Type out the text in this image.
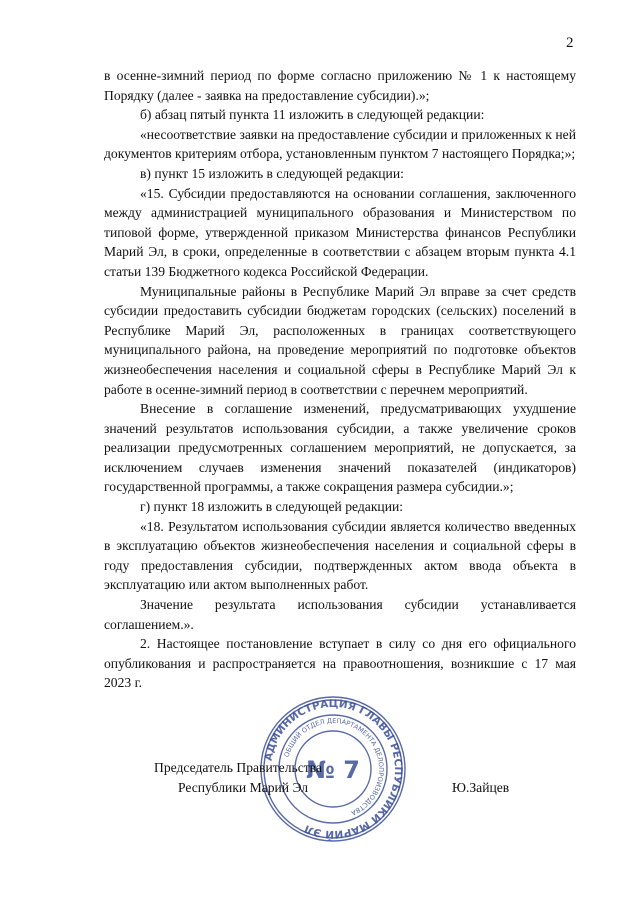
2

в осенне-зимний период по форме согласно приложению № 1 к настоящему Порядку (далее - заявка на предоставление субсидии).»;

б) абзац пятый пункта 11 изложить в следующей редакции:

«несоответствие заявки на предоставление субсидии и приложенных к ней документов критериям отбора, установленным пунктом 7 настоящего Порядка;»;

в) пункт 15 изложить в следующей редакции:

«15. Субсидии предоставляются на основании соглашения, заключенного между администрацией муниципального образования и Министерством по типовой форме, утвержденной приказом Министерства финансов Республики Марий Эл, в сроки, определенные в соответствии с абзацем вторым пункта 4.1 статьи 139 Бюджетного кодекса Российской Федерации.

Муниципальные районы в Республике Марий Эл вправе за счет средств субсидии предоставить субсидии бюджетам городских (сельских) поселений в Республике Марий Эл, расположенных в границах соответствующего муниципального района, на проведение мероприятий по подготовке объектов жизнеобеспечения населения и социальной сферы в Республике Марий Эл к работе в осенне-зимний период в соответствии с перечнем мероприятий.

Внесение в соглашение изменений, предусматривающих ухудшение значений результатов использования субсидии, а также увеличение сроков реализации предусмотренных соглашением мероприятий, не допускается, за исключением случаев изменения значений показателей (индикаторов) государственной программы, а также сокращения размера субсидии.»;

г) пункт 18 изложить в следующей редакции:

«18. Результатом использования субсидии является количество введенных в эксплуатацию объектов жизнеобеспечения населения и социальной сферы в году предоставления субсидии, подтвержденных актом ввода объекта в эксплуатацию или актом выполненных работ.

Значение результата использования субсидии устанавливается соглашением.».

2. Настоящее постановление вступает в силу со дня его официального опубликования и распространяется на правоотношения, возникшие с 17 мая 2023 г.

АДМИНИСТРАЦИЯ ГЛАВЫ РЕСПУБЛИКИ МАРИЙ ЭЛ
ОБЩИЙ ОТДЕЛ ДЕПАРТАМЕНТА ДЕЛОПРОИЗВОДСТВА
№ 7
Председатель Правительства
Республики Марий Эл	Ю.Зайцев
